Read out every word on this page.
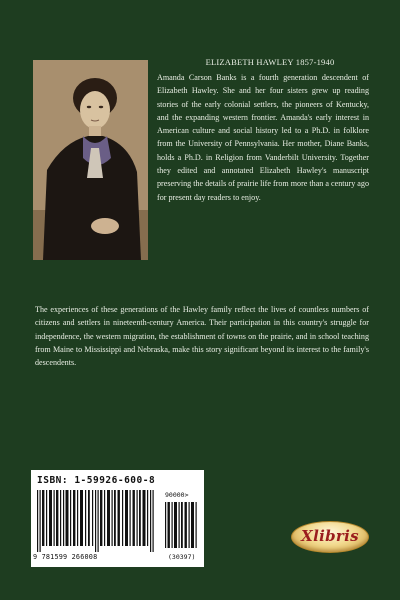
ELIZABETH HAWLEY 1857-1940
Amanda Carson Banks is a fourth generation descendent of Elizabeth Hawley. She and her four sisters grew up reading stories of the early colonial settlers, the pioneers of Kentucky, and the expanding western frontier. Amanda's early interest in American culture and social history led to a Ph.D. in folklore from the University of Pennsylvania. Her mother, Diane Banks, holds a Ph.D. in Religion from Vanderbilt University. Together they edited and annotated Elizabeth Hawley's manuscript preserving the details of prairie life from more than a century ago for present day readers to enjoy.
The experiences of these generations of the Hawley family reflect the lives of countless numbers of citizens and settlers in nineteenth-century America. Their participation in this country's struggle for independence, the western migration, the establishment of towns on the prairie, and in school teaching from Maine to Mississippi and Nebraska, make this story significant beyond its interest to the family's descendents.
ISBN: 1-59926-600-8
90000>
9 781599 266008	(30397)
Xlibris
